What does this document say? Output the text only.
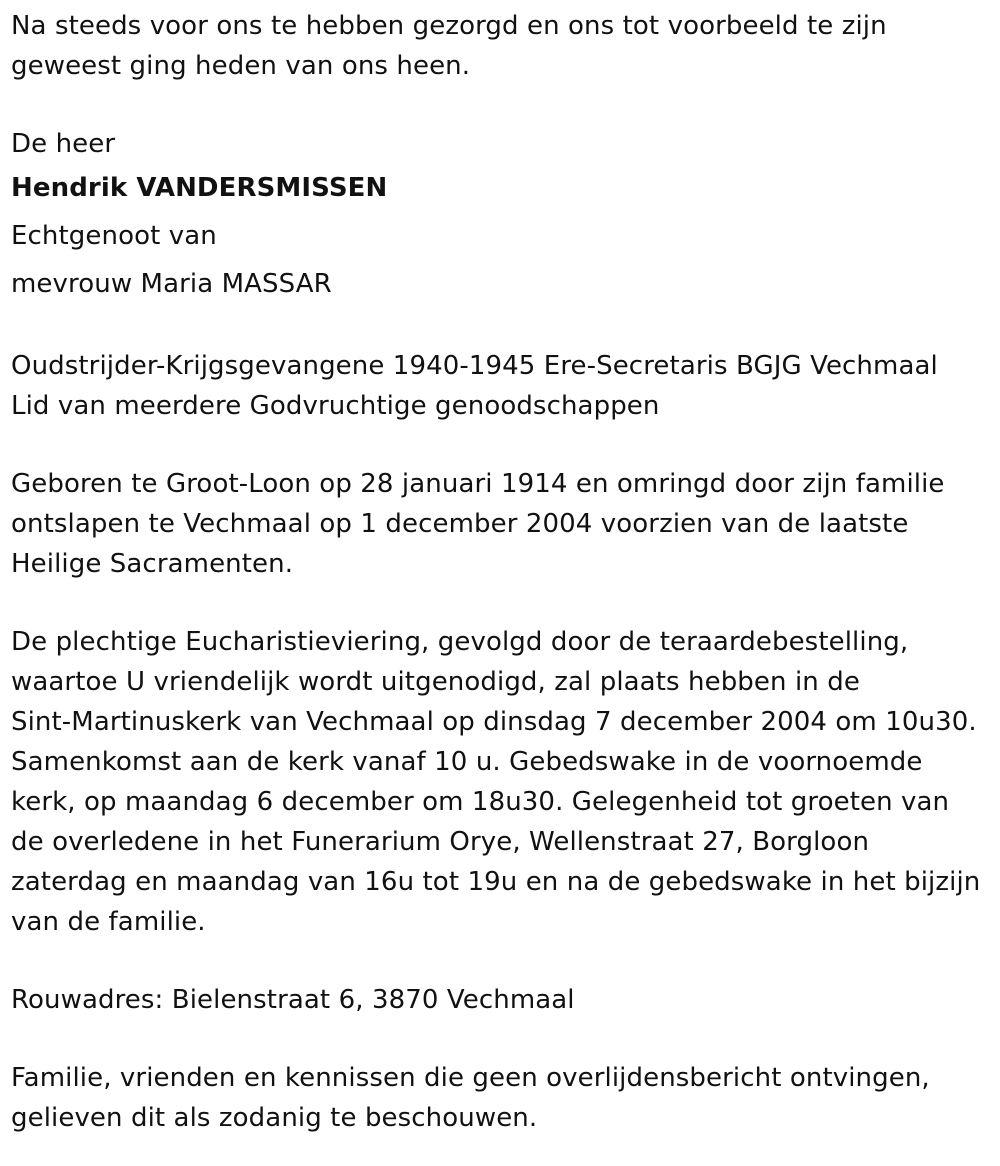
Na steeds voor ons te hebben gezorgd en ons tot voorbeeld te zijn
geweest ging heden van ons heen.

De heer
Hendrik VANDERSMISSEN
Echtgenoot van
mevrouw Maria MASSAR

Oudstrijder-Krijgsgevangene 1940-1945 Ere-Secretaris BGJG Vechmaal
Lid van meerdere Godvruchtige genoodschappen

Geboren te Groot-Loon op 28 januari 1914 en omringd door zijn familie
ontslapen te Vechmaal op 1 december 2004 voorzien van de laatste
Heilige Sacramenten.

De plechtige Eucharistieviering, gevolgd door de teraardebestelling,
waartoe U vriendelijk wordt uitgenodigd, zal plaats hebben in de
Sint-Martinuskerk van Vechmaal op dinsdag 7 december 2004 om 10u30.
Samenkomst aan de kerk vanaf 10 u. Gebedswake in de voornoemde
kerk, op maandag 6 december om 18u30. Gelegenheid tot groeten van
de overledene in het Funerarium Orye, Wellenstraat 27, Borgloon
zaterdag en maandag van 16u tot 19u en na de gebedswake in het bijzijn
van de familie.

Rouwadres: Bielenstraat 6, 3870 Vechmaal

Familie, vrienden en kennissen die geen overlijdensbericht ontvingen,
gelieven dit als zodanig te beschouwen.
